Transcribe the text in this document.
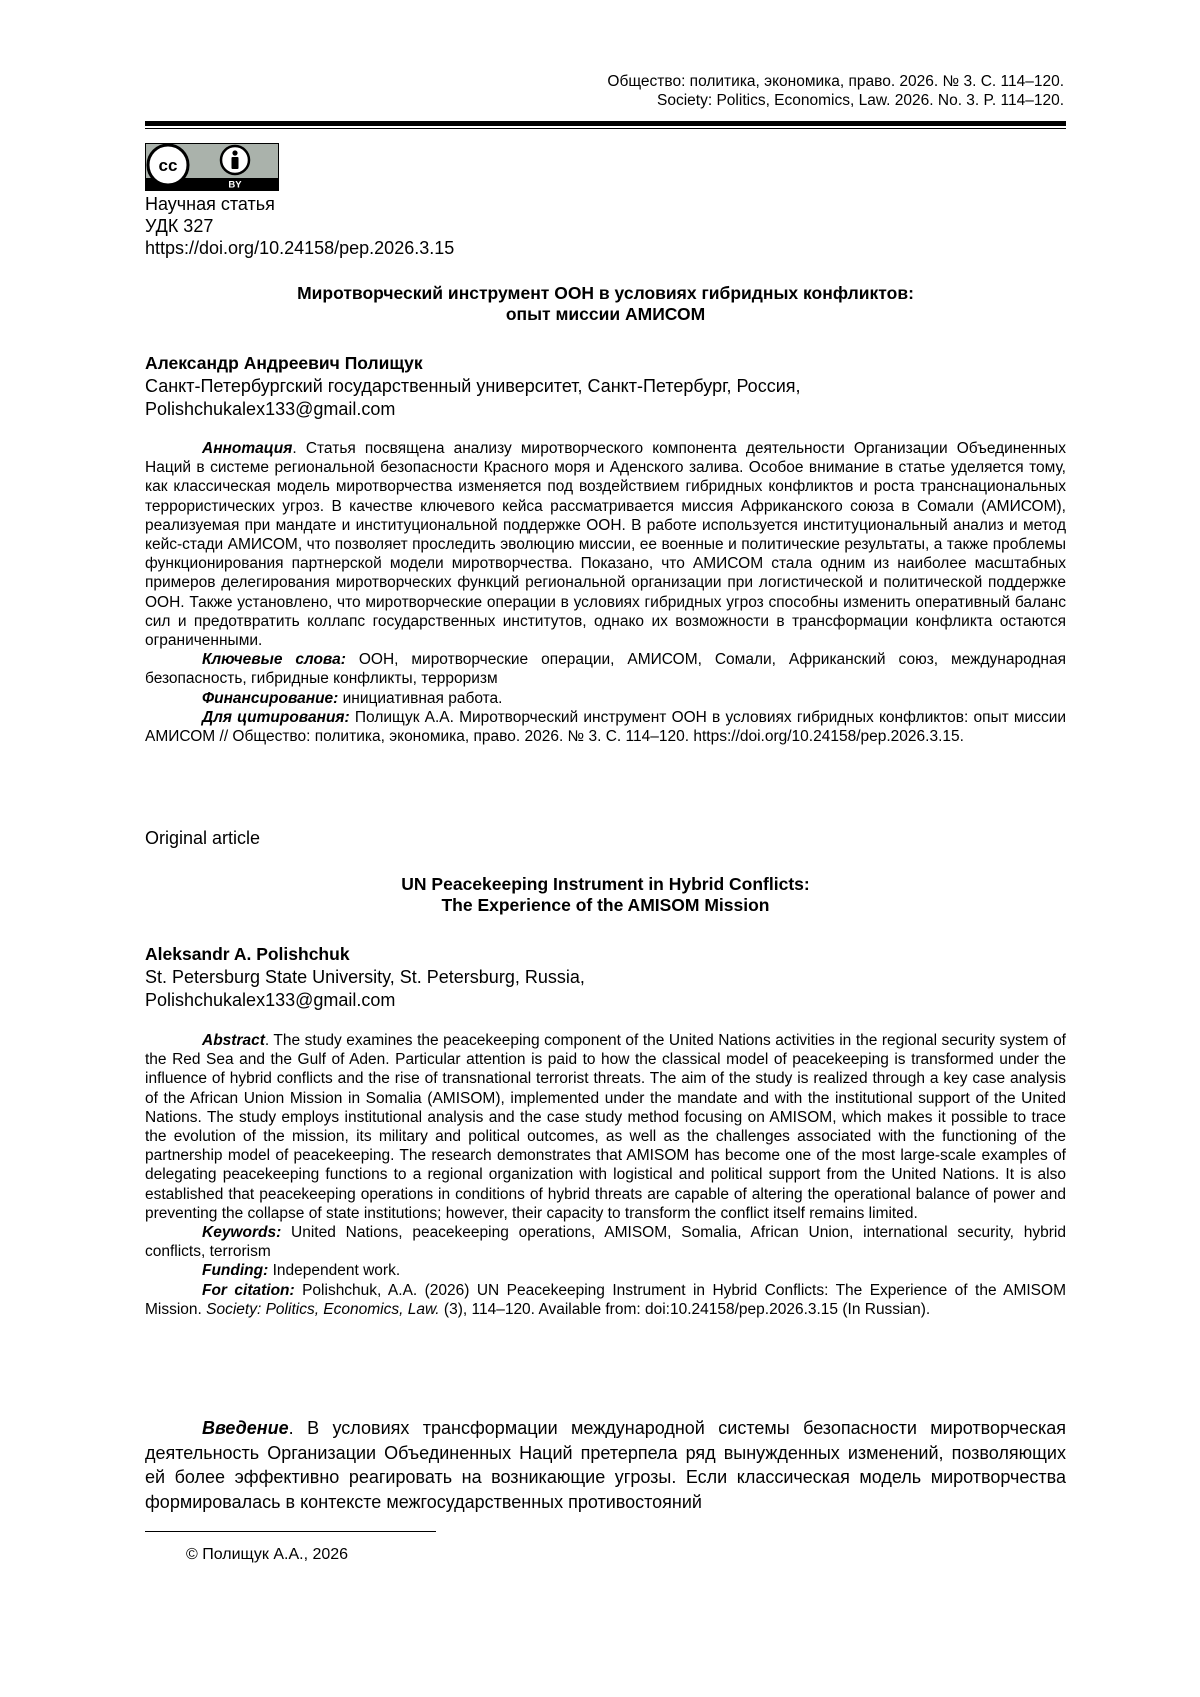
Общество: политика, экономика, право. 2026. № 3. С. 114–120.
Society: Politics, Economics, Law. 2026. No. 3. P. 114–120.
cc
BY
Научная статья
УДК 327
https://doi.org/10.24158/pep.2026.3.15
Миротворческий инструмент ООН в условиях гибридных конфликтов:
опыт миссии АМИСОМ
Александр Андреевич Полищук
Санкт-Петербургский государственный университет, Санкт-Петербург, Россия,
Polishchukalex133@gmail.com

Аннотация. Статья посвящена анализу миротворческого компонента деятельности Организации Объединенных Наций в системе региональной безопасности Красного моря и Аденского залива. Особое внимание в статье уделяется тому, как классическая модель миротворчества изменяется под воздействием гибридных конфликтов и роста транснациональных террористических угроз. В качестве ключевого кейса рассматривается миссия Африканского союза в Сомали (АМИСОМ), реализуемая при мандате и институциональной поддержке ООН. В работе используется институциональный анализ и метод кейс-стади АМИСОМ, что позволяет проследить эволюцию миссии, ее военные и политические результаты, а также проблемы функционирования партнерской модели миротворчества. Показано, что АМИСОМ стала одним из наиболее масштабных примеров делегирования миротворческих функций региональной организации при логистической и политической поддержке ООН. Также установлено, что миротворческие операции в условиях гибридных угроз способны изменить оперативный баланс сил и предотвратить коллапс государственных институтов, однако их возможности в трансформации конфликта остаются ограниченными.

Ключевые слова: ООН, миротворческие операции, АМИСОМ, Сомали, Африканский союз, международная безопасность, гибридные конфликты, терроризм

Финансирование: инициативная работа.

Для цитирования: Полищук А.А. Миротворческий инструмент ООН в условиях гибридных конфликтов: опыт миссии АМИСОМ // Общество: политика, экономика, право. 2026. № 3. С. 114–120. https://doi.org/10.24158/pep.2026.3.15.

Original article
UN Peacekeeping Instrument in Hybrid Conflicts:
The Experience of the AMISOM Mission
Aleksandr A. Polishchuk
St. Petersburg State University, St. Petersburg, Russia,
Polishchukalex133@gmail.com

Abstract. The study examines the peacekeeping component of the United Nations activities in the regional security system of the Red Sea and the Gulf of Aden. Particular attention is paid to how the classical model of peacekeeping is transformed under the influence of hybrid conflicts and the rise of transnational terrorist threats. The aim of the study is realized through a key case analysis of the African Union Mission in Somalia (AMISOM), implemented under the mandate and with the institutional support of the United Nations. The study employs institutional analysis and the case study method focusing on AMISOM, which makes it possible to trace the evolution of the mission, its military and political outcomes, as well as the challenges associated with the functioning of the partnership model of peacekeeping. The research demonstrates that AMISOM has become one of the most large-scale examples of delegating peacekeeping functions to a regional organization with logistical and political support from the United Nations. It is also established that peacekeeping operations in conditions of hybrid threats are capable of altering the operational balance of power and preventing the collapse of state institutions; however, their capacity to transform the conflict itself remains limited.

Keywords: United Nations, peacekeeping operations, AMISOM, Somalia, African Union, international security, hybrid conflicts, terrorism

Funding: Independent work.

For citation: Polishchuk, A.A. (2026) UN Peacekeeping Instrument in Hybrid Conflicts: The Experience of the AMISOM Mission. Society: Politics, Economics, Law. (3), 114–120. Available from: doi:10.24158/pep.2026.3.15 (In Russian).

Введение. В условиях трансформации международной системы безопасности миротворческая деятельность Организации Объединенных Наций претерпела ряд вынужденных изменений, позволяющих ей более эффективно реагировать на возникающие угрозы. Если классическая модель миротворчества формировалась в контексте межгосударственных противостояний

© Полищук А.А., 2026
